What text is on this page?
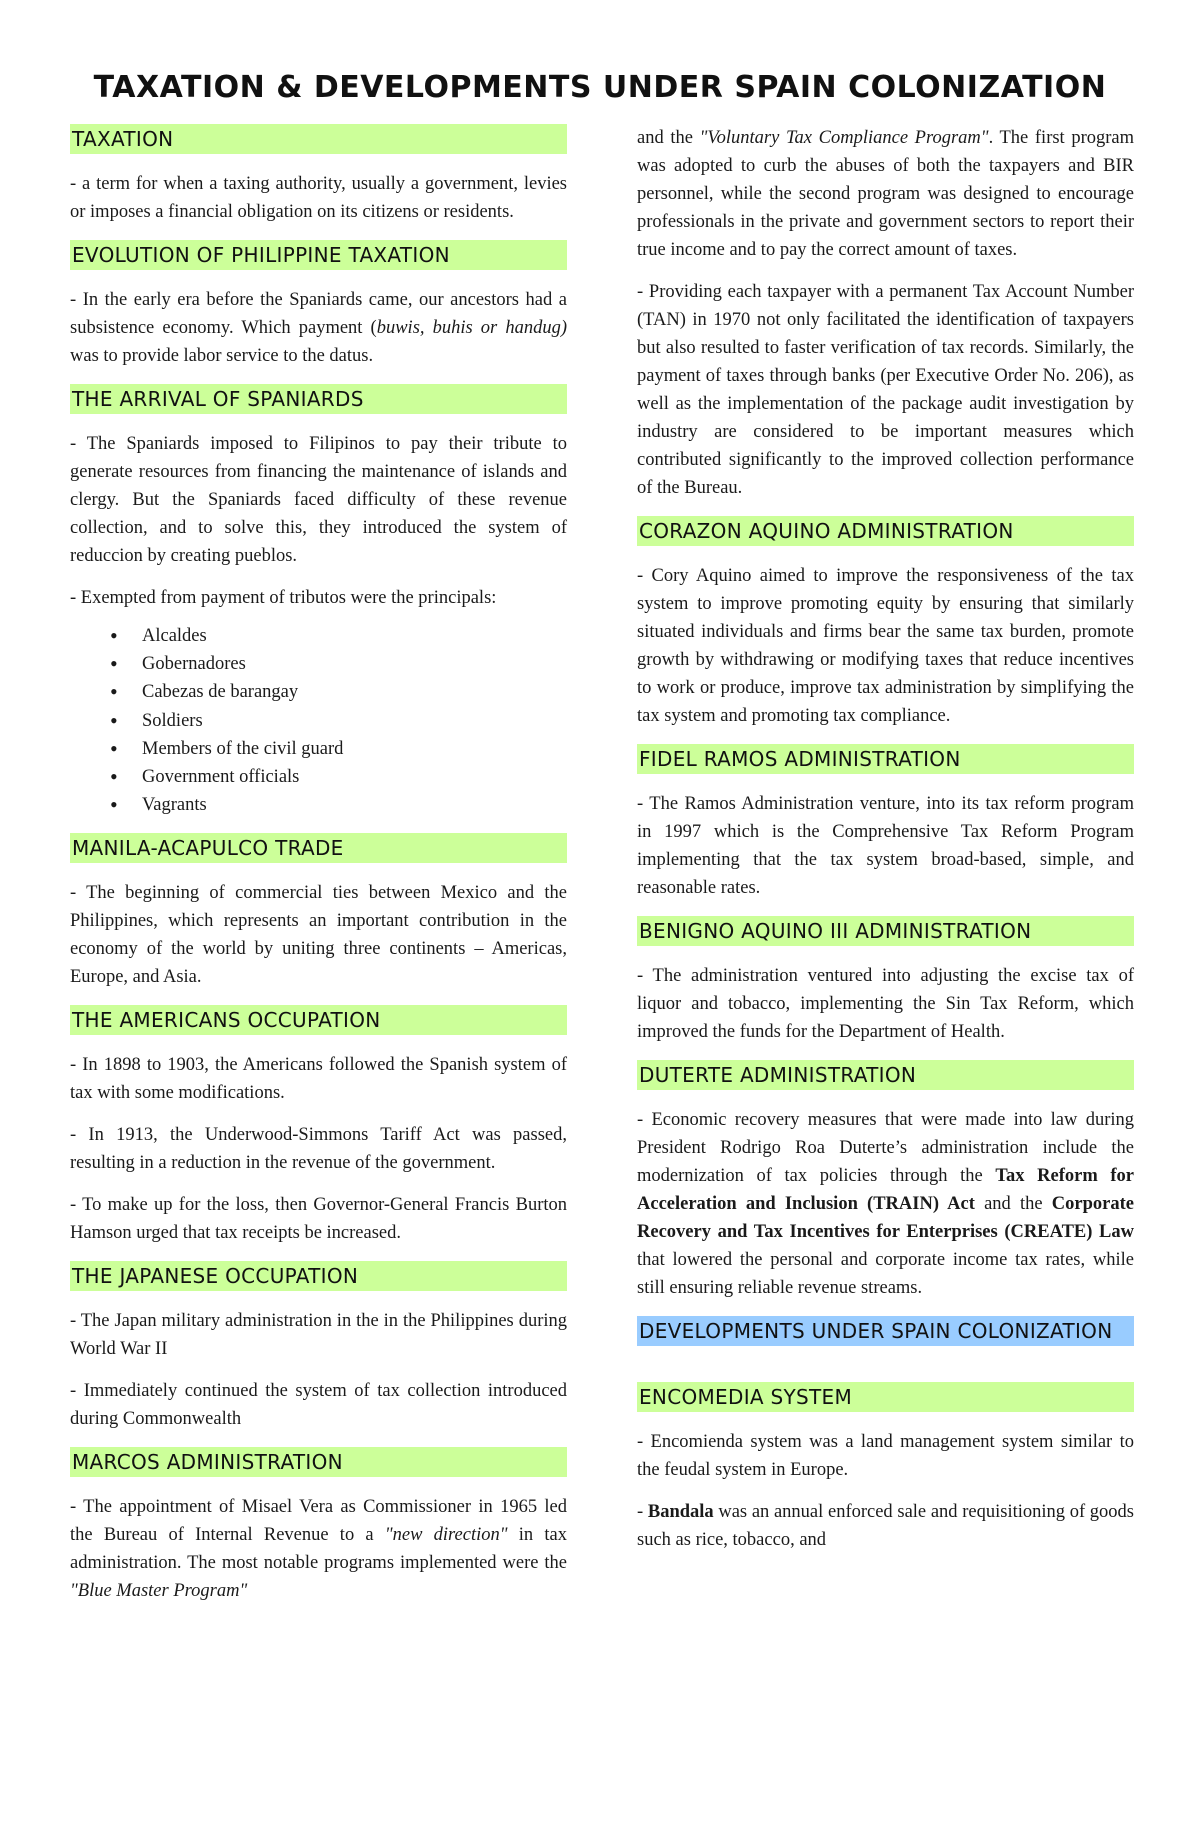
TAXATION & DEVELOPMENTS UNDER SPAIN COLONIZATION
TAXATION

- a term for when a taxing authority, usually a government, levies or imposes a financial obligation on its citizens or residents.

EVOLUTION OF PHILIPPINE TAXATION

- In the early era before the Spaniards came, our ancestors had a subsistence economy. Which payment (buwis, buhis or handug) was to provide labor service to the datus.

THE ARRIVAL OF SPANIARDS

- The Spaniards imposed to Filipinos to pay their tribute to generate resources from financing the maintenance of islands and clergy. But the Spaniards faced difficulty of these revenue collection, and to solve this, they introduced the system of reduccion by creating pueblos.

- Exempted from payment of tributos were the principals:

• Alcaldes
• Gobernadores
• Cabezas de barangay
• Soldiers
• Members of the civil guard
• Government officials
• Vagrants
MANILA-ACAPULCO TRADE

- The beginning of commercial ties between Mexico and the Philippines, which represents an important contribution in the economy of the world by uniting three continents – Americas, Europe, and Asia.

THE AMERICANS OCCUPATION

- In 1898 to 1903, the Americans followed the Spanish system of tax with some modifications.

- In 1913, the Underwood-Simmons Tariff Act was passed, resulting in a reduction in the revenue of the government.

- To make up for the loss, then Governor-General Francis Burton Hamson urged that tax receipts be increased.

THE JAPANESE OCCUPATION

- The Japan military administration in the in the Philippines during World War II

- Immediately continued the system of tax collection introduced during Commonwealth

MARCOS ADMINISTRATION

- The appointment of Misael Vera as Commissioner in 1965 led the Bureau of Internal Revenue to a "new direction" in tax administration. The most notable programs implemented were the "Blue Master Program"

and the "Voluntary Tax Compliance Program". The first program was adopted to curb the abuses of both the taxpayers and BIR personnel, while the second program was designed to encourage professionals in the private and government sectors to report their true income and to pay the correct amount of taxes.

- Providing each taxpayer with a permanent Tax Account Number (TAN) in 1970 not only facilitated the identification of taxpayers but also resulted to faster verification of tax records. Similarly, the payment of taxes through banks (per Executive Order No. 206), as well as the implementation of the package audit investigation by industry are considered to be important measures which contributed significantly to the improved collection performance of the Bureau.

CORAZON AQUINO ADMINISTRATION

- Cory Aquino aimed to improve the responsiveness of the tax system to improve promoting equity by ensuring that similarly situated individuals and firms bear the same tax burden, promote growth by withdrawing or modifying taxes that reduce incentives to work or produce, improve tax administration by simplifying the tax system and promoting tax compliance.

FIDEL RAMOS ADMINISTRATION

- The Ramos Administration venture, into its tax reform program in 1997 which is the Comprehensive Tax Reform Program implementing that the tax system broad-based, simple, and reasonable rates.

BENIGNO AQUINO III ADMINISTRATION

- The administration ventured into adjusting the excise tax of liquor and tobacco, implementing the Sin Tax Reform, which improved the funds for the Department of Health.

DUTERTE ADMINISTRATION

- Economic recovery measures that were made into law during President Rodrigo Roa Duterte’s administration include the modernization of tax policies through the Tax Reform for Acceleration and Inclusion (TRAIN) Act and the Corporate Recovery and Tax Incentives for Enterprises (CREATE) Law that lowered the personal and corporate income tax rates, while still ensuring reliable revenue streams.

DEVELOPMENTS UNDER SPAIN COLONIZATION
ENCOMEDIA SYSTEM

- Encomienda system was a land management system similar to the feudal system in Europe.

- Bandala was an annual enforced sale and requisitioning of goods such as rice, tobacco, and
